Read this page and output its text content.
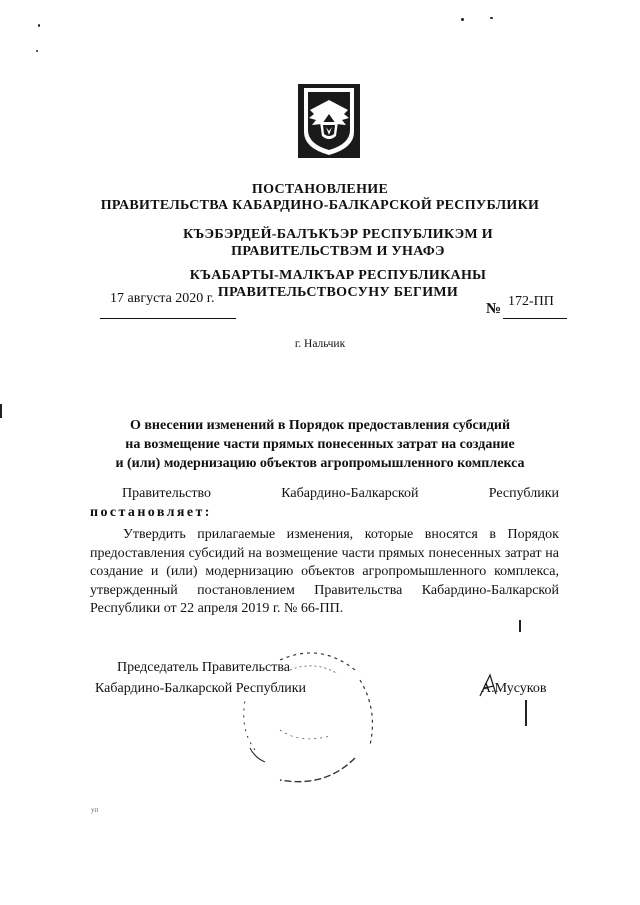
ПОСТАНОВЛЕНИЕ
ПРАВИТЕЛЬСТВА КАБАРДИНО-БАЛКАРСКОЙ РЕСПУБЛИКИ
КЪЭБЭРДЕЙ-БАЛЪКЪЭР РЕСПУБЛИКЭМ И ПРАВИТЕЛЬСТВЭМ И УНАФЭ
КЪАБАРТЫ-МАЛКЪАР РЕСПУБЛИКАНЫ ПРАВИТЕЛЬСТВОСУНУ БЕГИМИ
17 августа 2020 г.
№ 172-ПП
г. Нальчик
О внесении изменений в Порядок предоставления субсидий
на возмещение части прямых понесенных затрат на создание
и (или) модернизацию объектов агропромышленного комплекса
Правительство	Кабардино-Балкарской	Республики
постановляет:
Утвердить прилагаемые изменения, которые вносятся в Порядок предоставления субсидий на возмещение части прямых понесенных затрат на создание и (или) модернизацию объектов агропромышленного комплекса, утвержденный постановлением Правительства Кабардино-Балкарской Республики от 22 апреля 2019 г. № 66-ПП.
Председатель Правительства
Кабардино-Балкарской Республики	А.Мусуков
уп
